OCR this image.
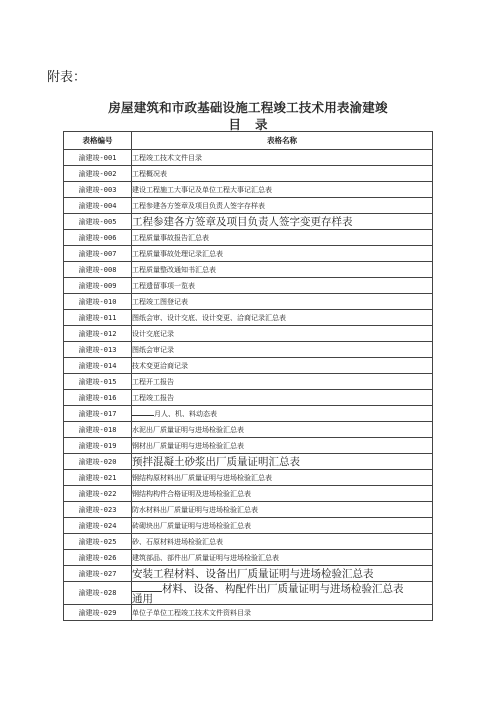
附表：
房屋建筑和市政基础设施工程竣工技术用表渝建竣
目录
表格编号	表格名称
渝建竣-001	工程竣工技术文件目录
渝建竣-002	工程概况表
渝建竣-003	建设工程施工大事记及单位工程大事记汇总表
渝建竣-004	工程参建各方签章及项目负责人签字存样表
渝建竣-005	工程参建各方签章及项目负责人签字变更存样表
渝建竣-006	工程质量事故报告汇总表
渝建竣-007	工程质量事故处理记录汇总表
渝建竣-008	工程质量整改通知书汇总表
渝建竣-009	工程遗留事项一览表
渝建竣-010	工程竣工图登记表
渝建竣-011	图纸会审、设计交底、设计变更、洽商记录汇总表
渝建竣-012	设计交底记录
渝建竣-013	图纸会审记录
渝建竣-014	技术变更洽商记录
渝建竣-015	工程开工报告
渝建竣-016	工程竣工报告
渝建竣-017	月人、机、料动态表
渝建竣-018	水泥出厂质量证明与进场检验汇总表
渝建竣-019	钢材出厂质量证明与进场检验汇总表
渝建竣-020	预拌混凝土砂浆出厂质量证明汇总表
渝建竣-021	钢结构原材料出厂质量证明与进场检验汇总表
渝建竣-022	钢结构构件合格证明及进场检验汇总表
渝建竣-023	防水材料出厂质量证明与进场检验汇总表
渝建竣-024	砖砌块出厂质量证明与进场检验汇总表
渝建竣-025	砂、石原材料进场检验汇总表
渝建竣-026	建筑部品、部件出厂质量证明与进场检验汇总表
渝建竣-027	安装工程材料、设备出厂质量证明与进场检验汇总表
渝建竣-028	材料、设备、构配件出厂质量证明与进场检验汇总表
通用
渝建竣-029	单位子单位工程竣工技术文件资料目录
